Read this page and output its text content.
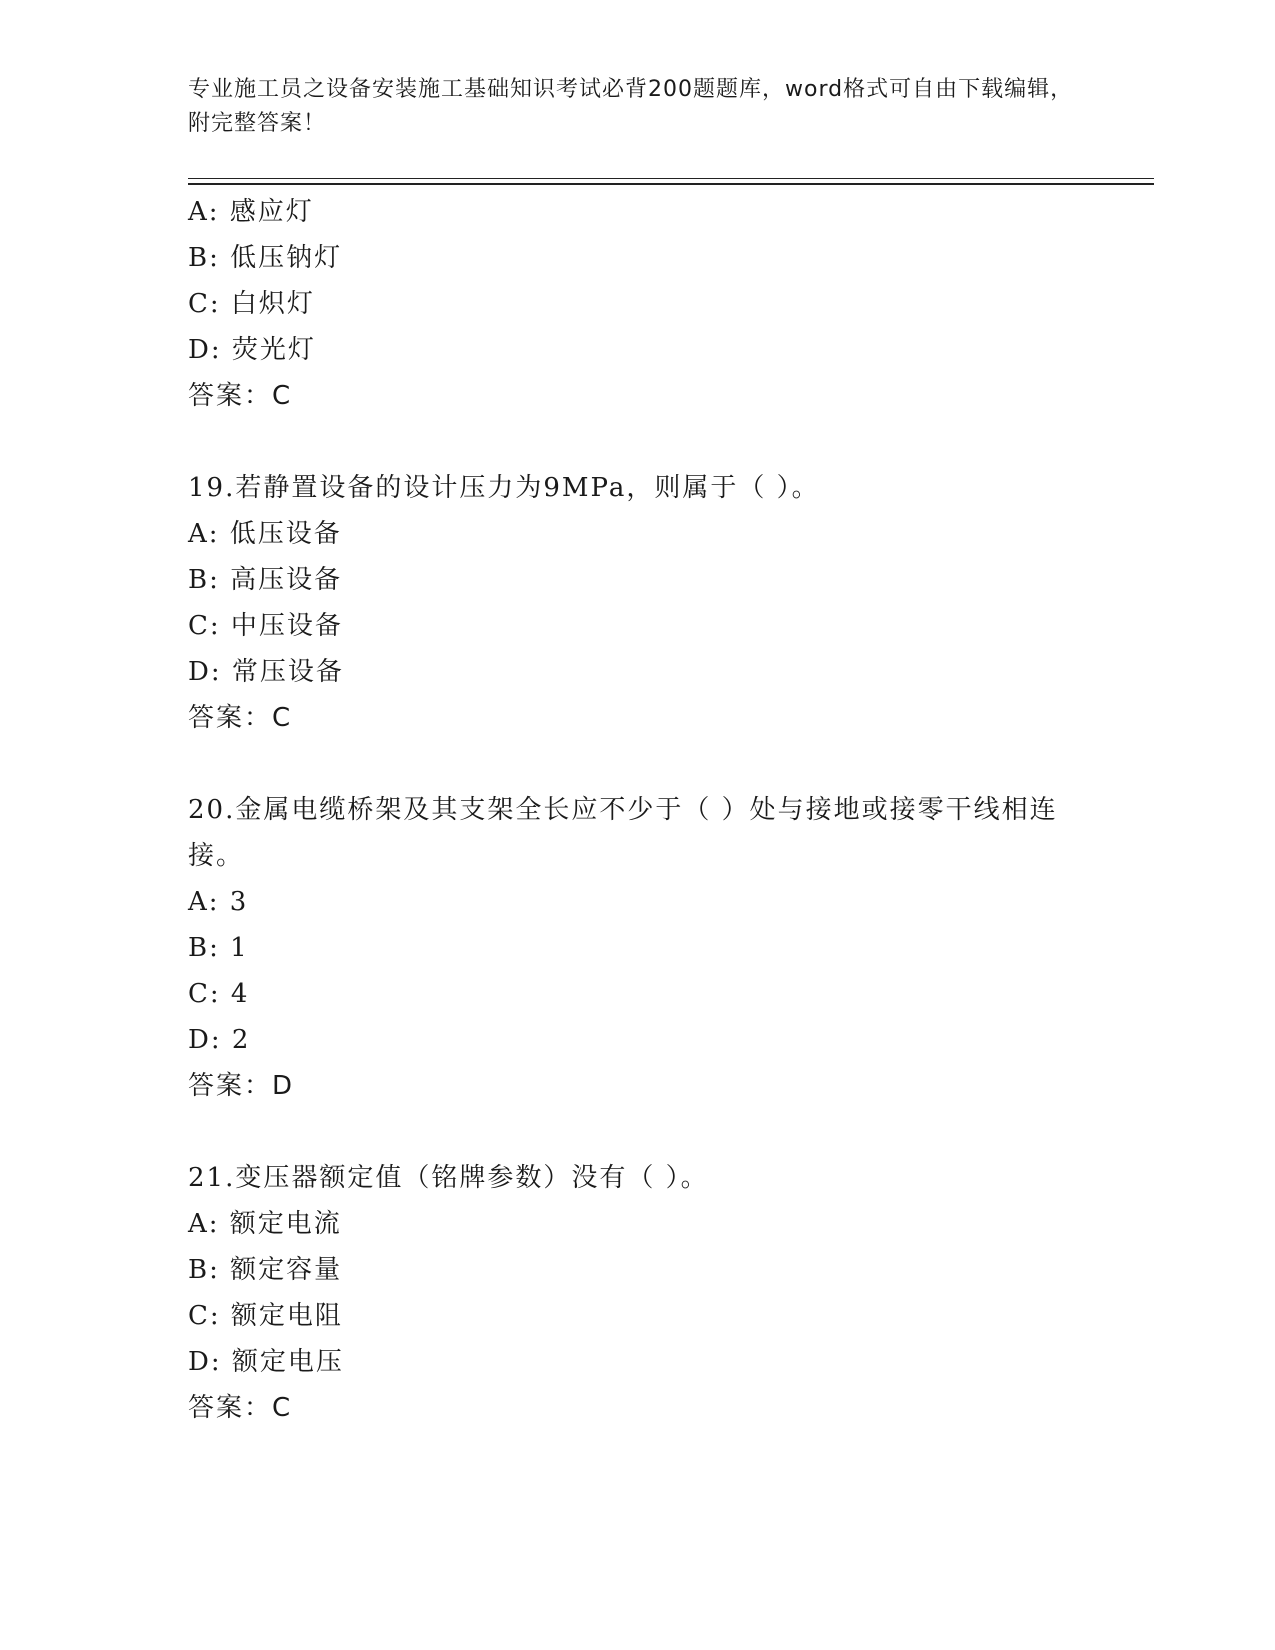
专业施工员之设备安装施工基础知识考试必背200题题库，word格式可自由下载编辑，附完整答案！
A: 感应灯
B: 低压钠灯
C: 白炽灯
D: 荧光灯
答案：C
19.若静置设备的设计压力为9MPa，则属于（ ）。
A: 低压设备
B: 高压设备
C: 中压设备
D: 常压设备
答案：C
20.金属电缆桥架及其支架全长应不少于（ ）处与接地或接零干线相连接。
A: 3
B: 1
C: 4
D: 2
答案：D
21.变压器额定值（铭牌参数）没有（ ）。
A: 额定电流
B: 额定容量
C: 额定电阻
D: 额定电压
答案：C
